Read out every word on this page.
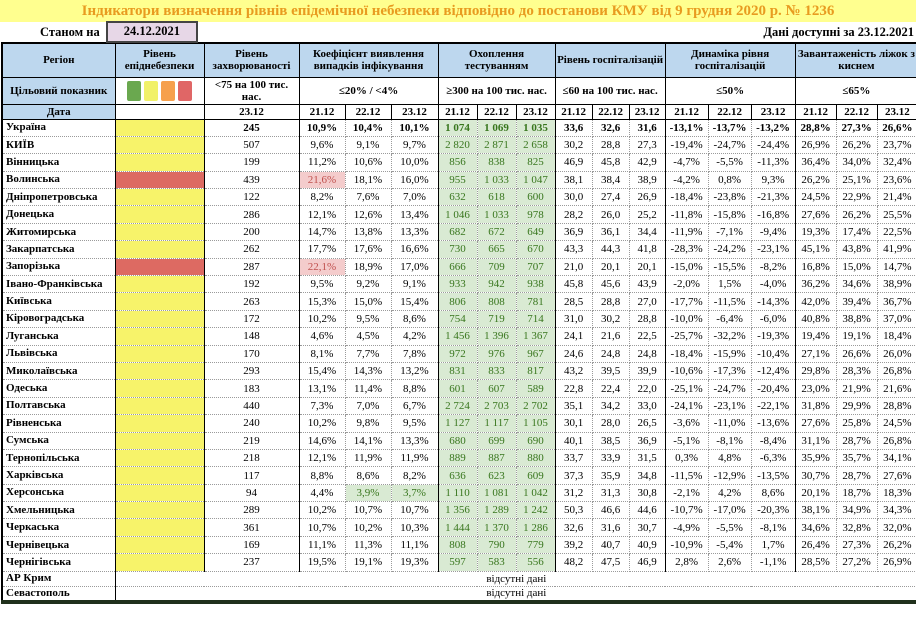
Індикатори визначення рівнів епідемічної небезпеки відповідно до постанови КМУ від 9 грудня 2020 р. № 1236
Станом на	24.12.2021	Дані доступні за 23.12.2021
Регіон	Рівень епіднебезпеки	Рівень захворюваності	Коефіцієнт виявлення випадків інфікування			Охоплення тестуванням			Рівень госпіталізацій			Динаміка рівня госпіталізацій			Завантаженість ліжок з киснем		
Цільовий показник		<75 на 100 тис. нас.	≤20% / <4%			≥300 на 100 тис. нас.			≤60 на 100 тис. нас.			≤50%			≤65%		
Дата		23.12	21.12	22.12	23.12	21.12	22.12	23.12	21.12	22.12	23.12	21.12	22.12	23.12	21.12	22.12	23.12
Україна		245	10,9%	10,4%	10,1%	1 074	1 069	1 035	33,6	32,6	31,6	-13,1%	-13,7%	-13,2%	28,8%	27,3%	26,6%
КИЇВ		507	9,6%	9,1%	9,7%	2 820	2 871	2 658	30,2	28,8	27,3	-19,4%	-24,7%	-24,4%	26,9%	26,2%	23,7%
Вінницька		199	11,2%	10,6%	10,0%	856	838	825	46,9	45,8	42,9	-4,7%	-5,5%	-11,3%	36,4%	34,0%	32,4%
Волинська		439	21,6%	18,1%	16,0%	955	1 033	1 047	38,1	38,4	38,9	-4,2%	0,8%	9,3%	26,2%	25,1%	23,6%
Дніпропетровська		122	8,2%	7,6%	7,0%	632	618	600	30,0	27,4	26,9	-18,4%	-23,8%	-21,3%	24,5%	22,9%	21,4%
Донецька		286	12,1%	12,6%	13,4%	1 046	1 033	978	28,2	26,0	25,2	-11,8%	-15,8%	-16,8%	27,6%	26,2%	25,5%
Житомирська		200	14,7%	13,8%	13,3%	682	672	649	36,9	36,1	34,4	-11,9%	-7,1%	-9,4%	19,3%	17,4%	22,5%
Закарпатська		262	17,7%	17,6%	16,6%	730	665	670	43,3	44,3	41,8	-28,3%	-24,2%	-23,1%	45,1%	43,8%	41,9%
Запорізька		287	22,1%	18,9%	17,0%	666	709	707	21,0	20,1	20,1	-15,0%	-15,5%	-8,2%	16,8%	15,0%	14,7%
Івано-Франківська		192	9,5%	9,2%	9,1%	933	942	938	45,8	45,6	43,9	-2,0%	1,5%	-4,0%	36,2%	34,6%	38,9%
Київська		263	15,3%	15,0%	15,4%	806	808	781	28,5	28,8	27,0	-17,7%	-11,5%	-14,3%	42,0%	39,4%	36,7%
Кіровоградська		172	10,2%	9,5%	8,6%	754	719	714	31,0	30,2	28,8	-10,0%	-6,4%	-6,0%	40,8%	38,8%	37,0%
Луганська		148	4,6%	4,5%	4,2%	1 456	1 396	1 367	24,1	21,6	22,5	-25,7%	-32,2%	-19,3%	19,4%	19,1%	18,4%
Львівська		170	8,1%	7,7%	7,8%	972	976	967	24,6	24,8	24,8	-18,4%	-15,9%	-10,4%	27,1%	26,6%	26,0%
Миколаївська		293	15,4%	14,3%	13,2%	831	833	817	43,2	39,5	39,9	-10,6%	-17,3%	-12,4%	29,8%	28,3%	26,8%
Одеська		183	13,1%	11,4%	8,8%	601	607	589	22,8	22,4	22,0	-25,1%	-24,7%	-20,4%	23,0%	21,9%	21,6%
Полтавська		440	7,3%	7,0%	6,7%	2 724	2 703	2 702	35,1	34,2	33,0	-24,1%	-23,1%	-22,1%	31,8%	29,9%	28,8%
Рівненська		240	10,2%	9,8%	9,5%	1 127	1 117	1 105	30,1	28,0	26,5	-3,6%	-11,0%	-13,6%	27,6%	25,8%	24,5%
Сумська		219	14,6%	14,1%	13,3%	680	699	690	40,1	38,5	36,9	-5,1%	-8,1%	-8,4%	31,1%	28,7%	26,8%
Тернопільська		218	12,1%	11,9%	11,9%	889	887	880	33,7	33,9	31,5	0,3%	4,8%	-6,3%	35,9%	35,7%	34,1%
Харківська		117	8,8%	8,6%	8,2%	636	623	609	37,3	35,9	34,8	-11,5%	-12,9%	-13,5%	30,7%	28,7%	27,6%
Херсонська		94	4,4%	3,9%	3,7%	1 110	1 081	1 042	31,2	31,3	30,8	-2,1%	4,2%	8,6%	20,1%	18,7%	18,3%
Хмельницька		289	10,2%	10,7%	10,7%	1 356	1 289	1 242	50,3	46,6	44,6	-10,7%	-17,0%	-20,3%	38,1%	34,9%	34,3%
Черкаська		361	10,7%	10,2%	10,3%	1 444	1 370	1 286	32,6	31,6	30,7	-4,9%	-5,5%	-8,1%	34,6%	32,8%	32,0%
Чернівецька		169	11,1%	11,3%	11,1%	808	790	779	39,2	40,7	40,9	-10,9%	-5,4%	1,7%	26,4%	27,3%	26,2%
Чернігівська		237	19,5%	19,1%	19,3%	597	583	556	48,2	47,5	46,9	2,8%	2,6%	-1,1%	28,5%	27,2%	26,9%
АР Крим	відсутні дані																
Севастополь	відсутні дані																
